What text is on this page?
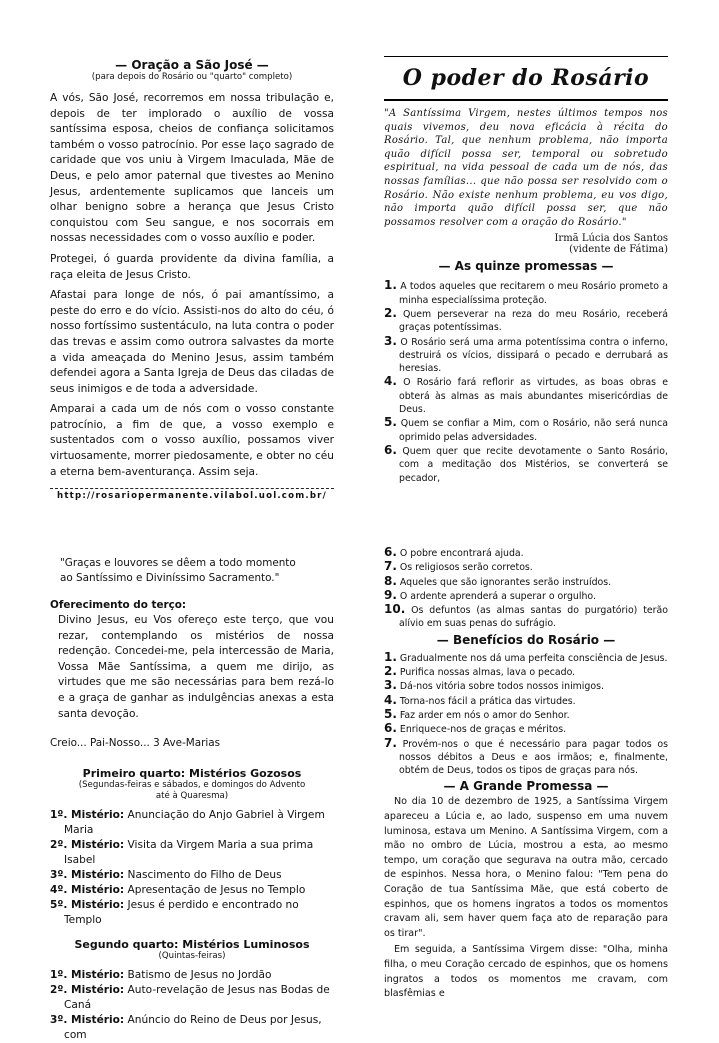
— Oração a São José —

(para depois do Rosário ou "quarto" completo)

A vós, São José, recorremos em nossa tribulação e, depois de ter implorado o auxílio de vossa santíssima esposa, cheios de confiança solicitamos também o vosso patrocínio. Por esse laço sagrado de caridade que vos uniu à Virgem Imaculada, Mãe de Deus, e pelo amor paternal que tivestes ao Menino Jesus, ardentemente suplicamos que lanceis um olhar benigno sobre a herança que Jesus Cristo conquistou com Seu sangue, e nos socorrais em nossas necessidades com o vosso auxílio e poder.

Protegei, ó guarda providente da divina família, a raça eleita de Jesus Cristo.

Afastai para longe de nós, ó pai amantíssimo, a peste do erro e do vício. Assisti-nos do alto do céu, ó nosso fortíssimo sustentáculo, na luta contra o poder das trevas e assim como outrora salvastes da morte a vida ameaçada do Menino Jesus, assim também defendei agora a Santa Igreja de Deus das ciladas de seus inimigos e de toda a adversidade.

Amparai a cada um de nós com o vosso constante patrocínio, a fim de que, a vosso exemplo e sustentados com o vosso auxílio, possamos viver virtuosamente, morrer piedosamente, e obter no céu a eterna bem-aventurança. Assim seja.

http://rosariopermanente.vilabol.uol.com.br/

O poder do Rosário

"A Santíssima Virgem, nestes últimos tempos nos quais vivemos, deu nova eficácia à récita do Rosário. Tal, que nenhum problema, não importa quão difícil possa ser, temporal ou sobretudo espiritual, na vida pessoal de cada um de nós, das nossas famílias... que não possa ser resolvido com o Rosário. Não existe nenhum problema, eu vos digo, não importa quão difícil possa ser, que não possamos resolver com a oração do Rosário."

Irmã Lúcia dos Santos

(vidente de Fátima)

— As quinze promessas —

1. A todos aqueles que recitarem o meu Rosário prometo a minha especialíssima proteção.
2. Quem perseverar na reza do meu Rosário, receberá graças potentíssimas.
3. O Rosário será uma arma potentíssima contra o inferno, destruirá os vícios, dissipará o pecado e derrubará as heresias.
4. O Rosário fará reflorir as virtudes, as boas obras e obterá às almas as mais abundantes misericórdias de Deus.
5. Quem se confiar a Mim, com o Rosário, não será nunca oprimido pelas adversidades.
6. Quem quer que recite devotamente o Santo Rosário, com a meditação dos Mistérios, se converterá se pecador,

"Graças e louvores se dêem a todo momento

ao Santíssimo e Diviníssimo Sacramento."

Oferecimento do terço:

Divino Jesus, eu Vos ofereço este terço, que vou rezar, contemplando os mistérios de nossa redenção. Concedei-me, pela intercessão de Maria, Vossa Mãe Santíssima, a quem me dirijo, as virtudes que me são necessárias para bem rezá-lo e a graça de ganhar as indulgências anexas a esta santa devoção.

Creio... Pai-Nosso... 3 Ave-Marias

Primeiro quarto: Mistérios Gozosos

(Segundas-feiras e sábados, e domingos do Advento

até à Quaresma)

1º. Mistério: Anunciação do Anjo Gabriel à Virgem Maria

2º. Mistério: Visita da Virgem Maria a sua prima Isabel

3º. Mistério: Nascimento do Filho de Deus

4º. Mistério: Apresentação de Jesus no Templo

5º. Mistério: Jesus é perdido e encontrado no Templo

Segundo quarto: Mistérios Luminosos

(Quintas-feiras)

1º. Mistério: Batismo de Jesus no Jordão

2º. Mistério: Auto-revelação de Jesus nas Bodas de Caná

3º. Mistério: Anúncio do Reino de Deus por Jesus, com

6. O pobre encontrará ajuda.
7. Os religiosos serão corretos.
8. Aqueles que são ignorantes serão instruídos.
9. O ardente aprenderá a superar o orgulho.
10. Os defuntos (as almas santas do purgatório) terão alívio em suas penas do sufrágio.

— Benefícios do Rosário —

1. Gradualmente nos dá uma perfeita consciência de Jesus.
2. Purifica nossas almas, lava o pecado.
3. Dá-nos vitória sobre todos nossos inimigos.
4. Torna-nos fácil a prática das virtudes.
5. Faz arder em nós o amor do Senhor.
6. Enriquece-nos de graças e méritos.
7. Provém-nos o que é necessário para pagar todos os nossos débitos a Deus e aos irmãos; e, finalmente, obtém de Deus, todos os tipos de graças para nós.

— A Grande Promessa —

No dia 10 de dezembro de 1925, a Santíssima Virgem apareceu a Lúcia e, ao lado, suspenso em uma nuvem luminosa, estava um Menino. A Santíssima Virgem, com a mão no ombro de Lúcia, mostrou a esta, ao mesmo tempo, um coração que segurava na outra mão, cercado de espinhos. Nessa hora, o Menino falou: "Tem pena do Coração de tua Santíssima Mãe, que está coberto de espinhos, que os homens ingratos a todos os momentos cravam ali, sem haver quem faça ato de reparação para os tirar".

Em seguida, a Santíssima Virgem disse: "Olha, minha filha, o meu Coração cercado de espinhos, que os homens ingratos a todos os momentos me cravam, com blasfêmias e
